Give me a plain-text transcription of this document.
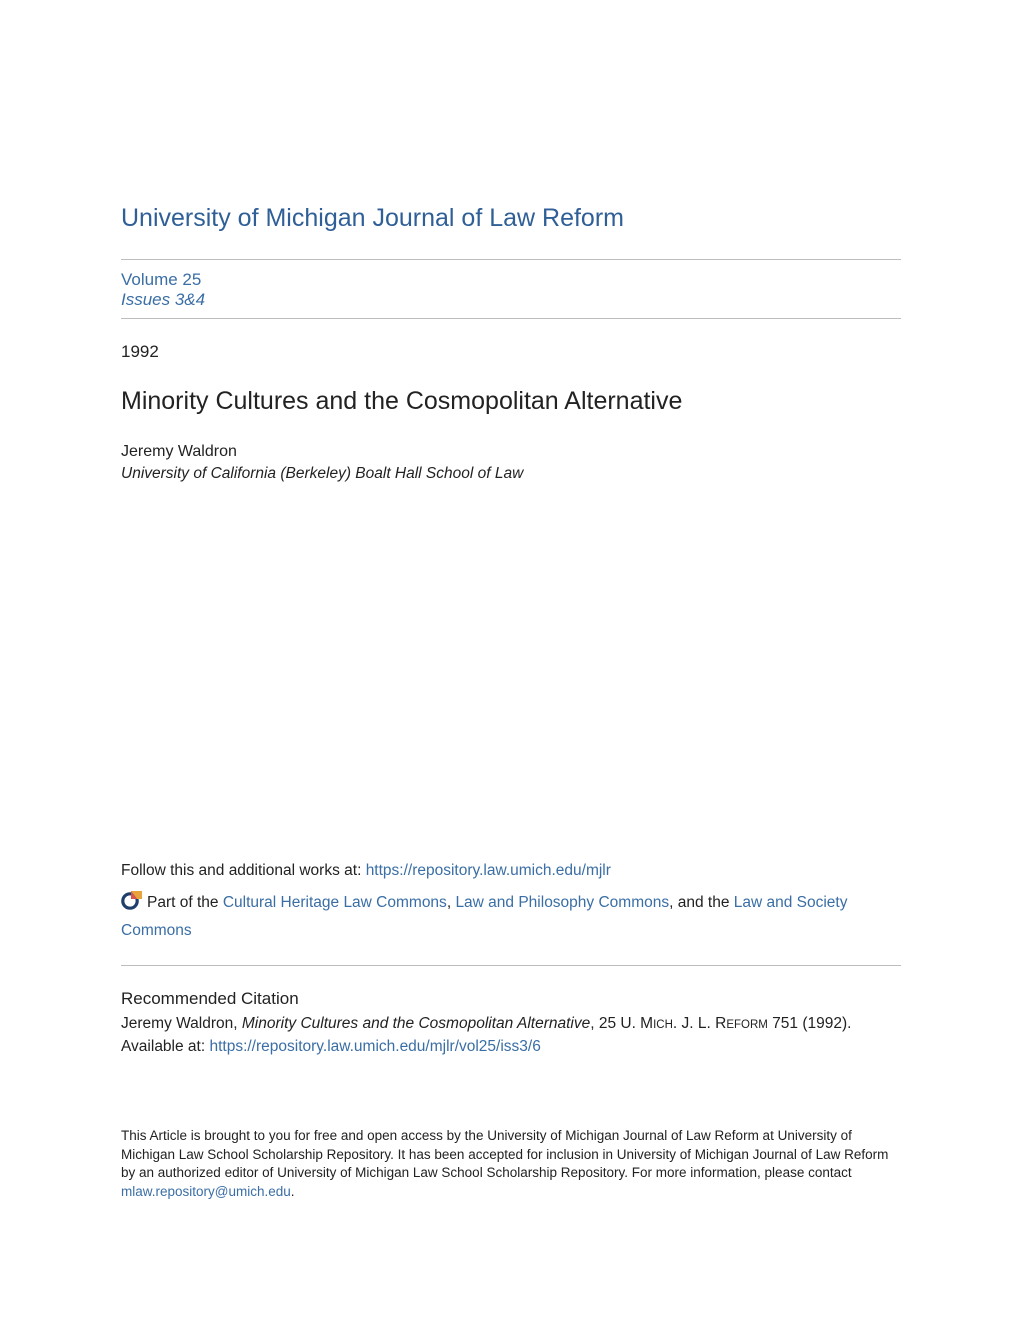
University of Michigan Journal of Law Reform
Volume 25
Issues 3&4
1992
Minority Cultures and the Cosmopolitan Alternative
Jeremy Waldron
University of California (Berkeley) Boalt Hall School of Law
Follow this and additional works at: https://repository.law.umich.edu/mjlr
Part of the Cultural Heritage Law Commons, Law and Philosophy Commons, and the Law and Society Commons
Recommended Citation
Jeremy Waldron, Minority Cultures and the Cosmopolitan Alternative, 25 U. MICH. J. L. REFORM 751 (1992).
Available at: https://repository.law.umich.edu/mjlr/vol25/iss3/6
This Article is brought to you for free and open access by the University of Michigan Journal of Law Reform at University of Michigan Law School Scholarship Repository. It has been accepted for inclusion in University of Michigan Journal of Law Reform by an authorized editor of University of Michigan Law School Scholarship Repository. For more information, please contact mlaw.repository@umich.edu.
